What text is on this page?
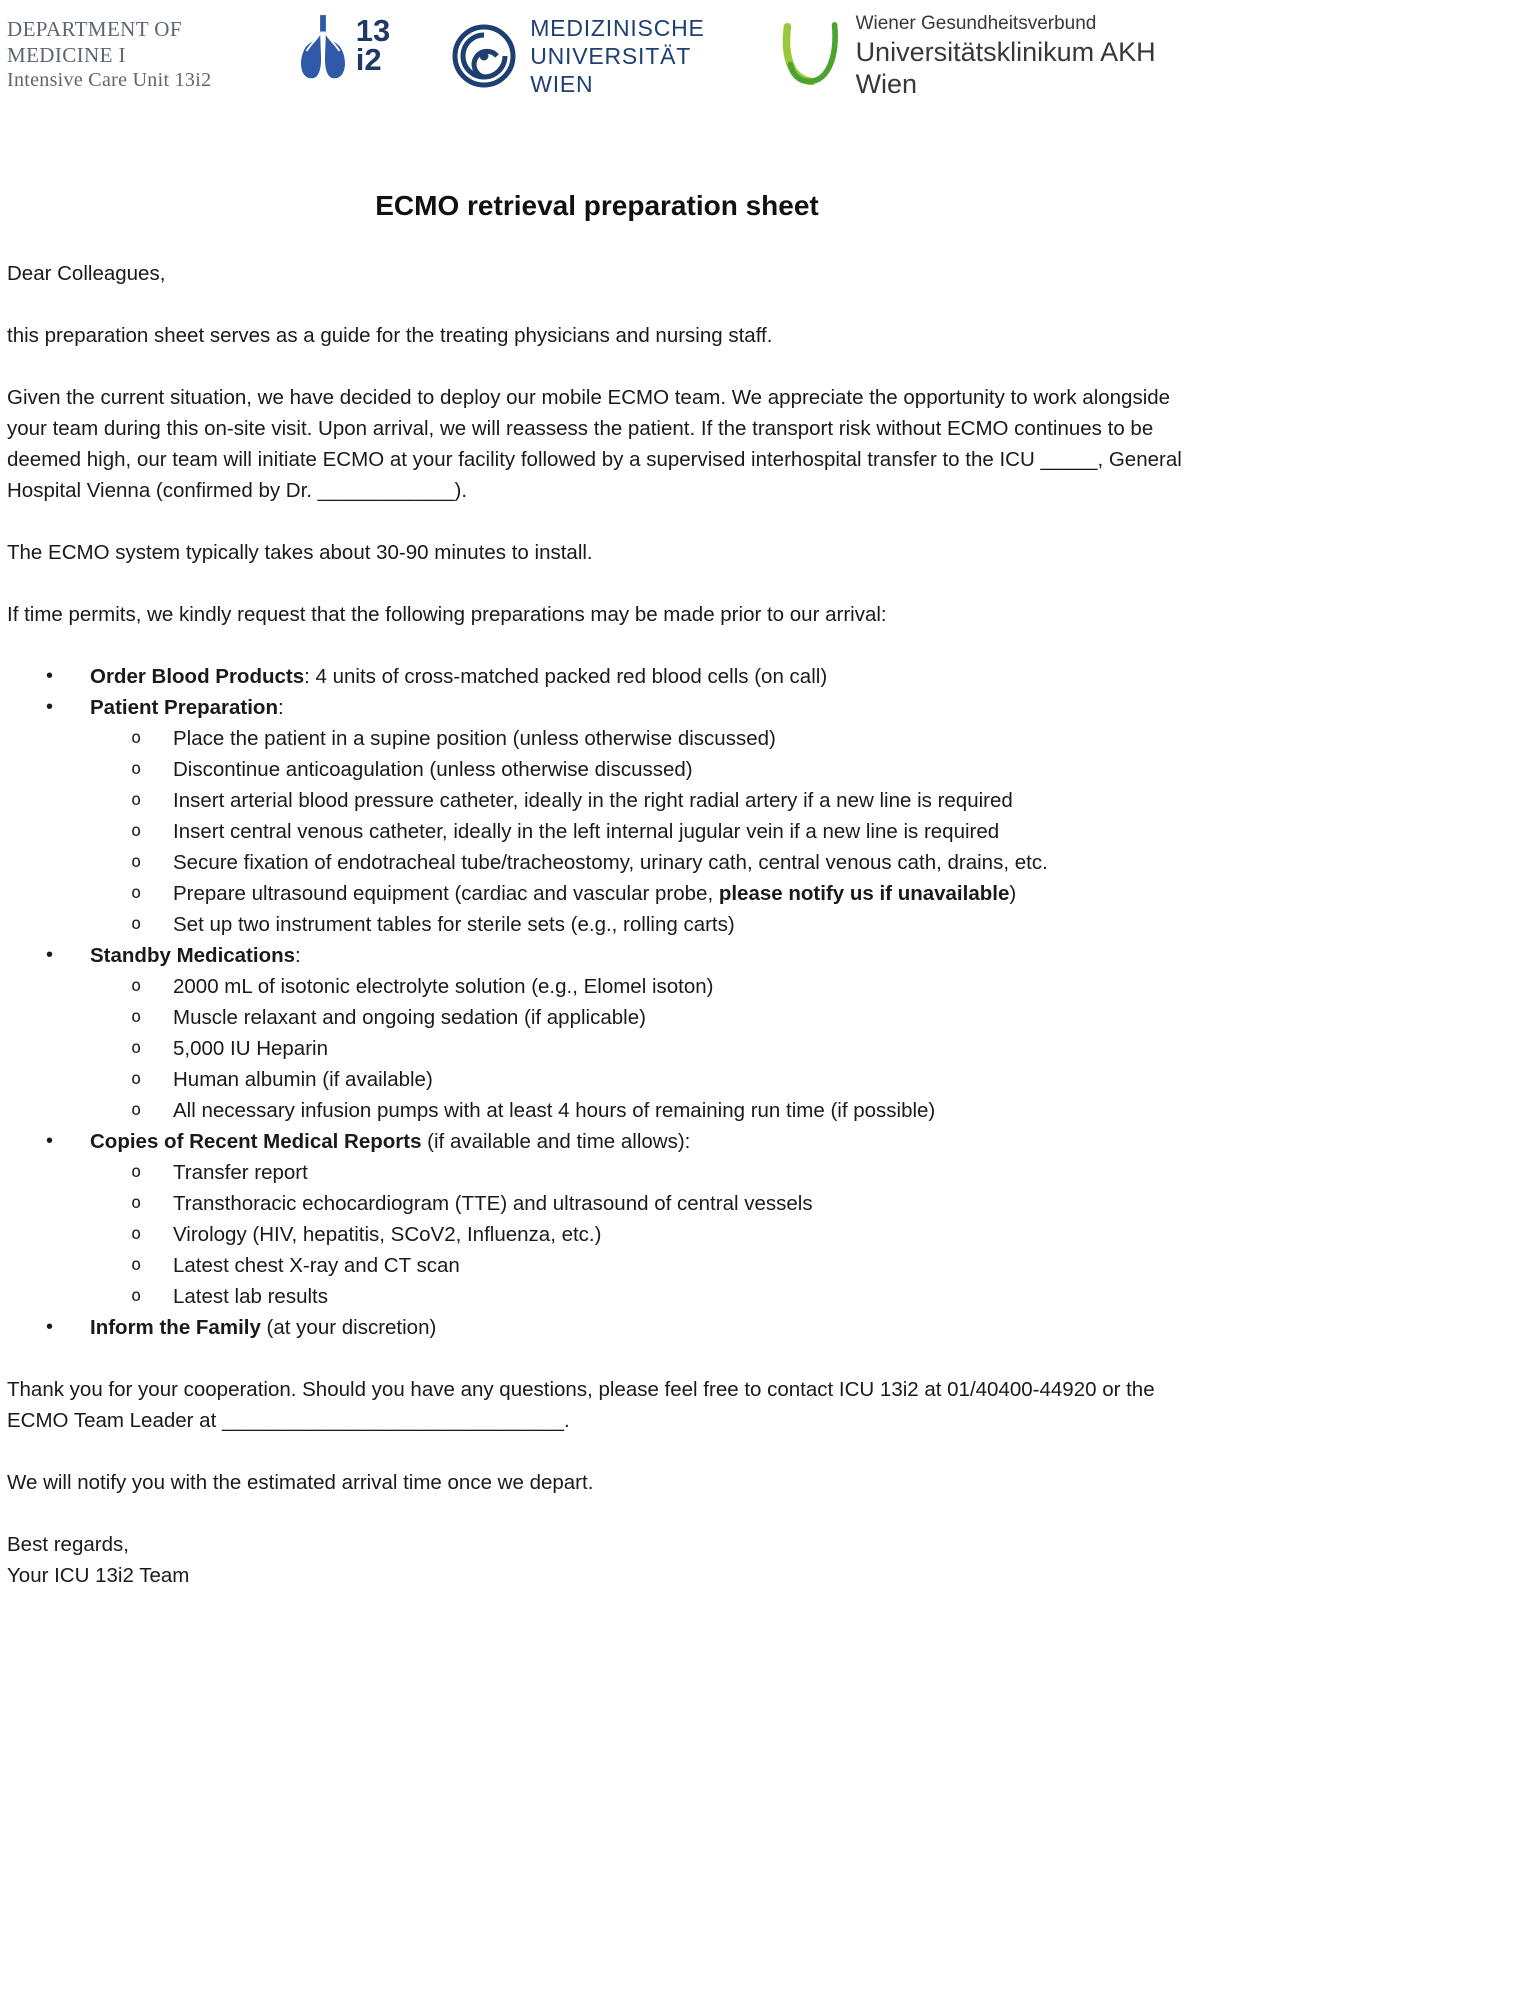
DEPARTMENT OF MEDICINE I
Intensive Care Unit 13i2
13
i2
MEDIZINISCHE
UNIVERSITÄT WIEN
Wiener Gesundheitsverbund
Universitätsklinikum AKH Wien
ECMO retrieval preparation sheet

Dear Colleagues,

this preparation sheet serves as a guide for the treating physicians and nursing staff.

Given the current situation, we have decided to deploy our mobile ECMO team. We appreciate the opportunity to work alongside your team during this on-site visit. Upon arrival, we will reassess the patient. If the transport risk without ECMO continues to be deemed high, our team will initiate ECMO at your facility followed by a supervised interhospital transfer to the ICU _____, General Hospital Vienna (confirmed by Dr. ____________).

The ECMO system typically takes about 30-90 minutes to install.

If time permits, we kindly request that the following preparations may be made prior to our arrival:

•	Order Blood Products: 4 units of cross-matched packed red blood cells (on call)
•	Patient Preparation:
o	Place the patient in a supine position (unless otherwise discussed)
o	Discontinue anticoagulation (unless otherwise discussed)
o	Insert arterial blood pressure catheter, ideally in the right radial artery if a new line is required
o	Insert central venous catheter, ideally in the left internal jugular vein if a new line is required
o	Secure fixation of endotracheal tube/tracheostomy, urinary cath, central venous cath, drains, etc.
o	Prepare ultrasound equipment (cardiac and vascular probe, please notify us if unavailable)
o	Set up two instrument tables for sterile sets (e.g., rolling carts)
•	Standby Medications:
o	2000 mL of isotonic electrolyte solution (e.g., Elomel isoton)
o	Muscle relaxant and ongoing sedation (if applicable)
o	5,000 IU Heparin
o	Human albumin (if available)
o	All necessary infusion pumps with at least 4 hours of remaining run time (if possible)
•	Copies of Recent Medical Reports (if available and time allows):
o	Transfer report
o	Transthoracic echocardiogram (TTE) and ultrasound of central vessels
o	Virology (HIV, hepatitis, SCoV2, Influenza, etc.)
o	Latest chest X-ray and CT scan
o	Latest lab results
•	Inform the Family (at your discretion)

Thank you for your cooperation. Should you have any questions, please feel free to contact ICU 13i2 at 01/40400-44920 or the ECMO Team Leader at ______________________________.

We will notify you with the estimated arrival time once we depart.

Best regards,

Your ICU 13i2 Team
